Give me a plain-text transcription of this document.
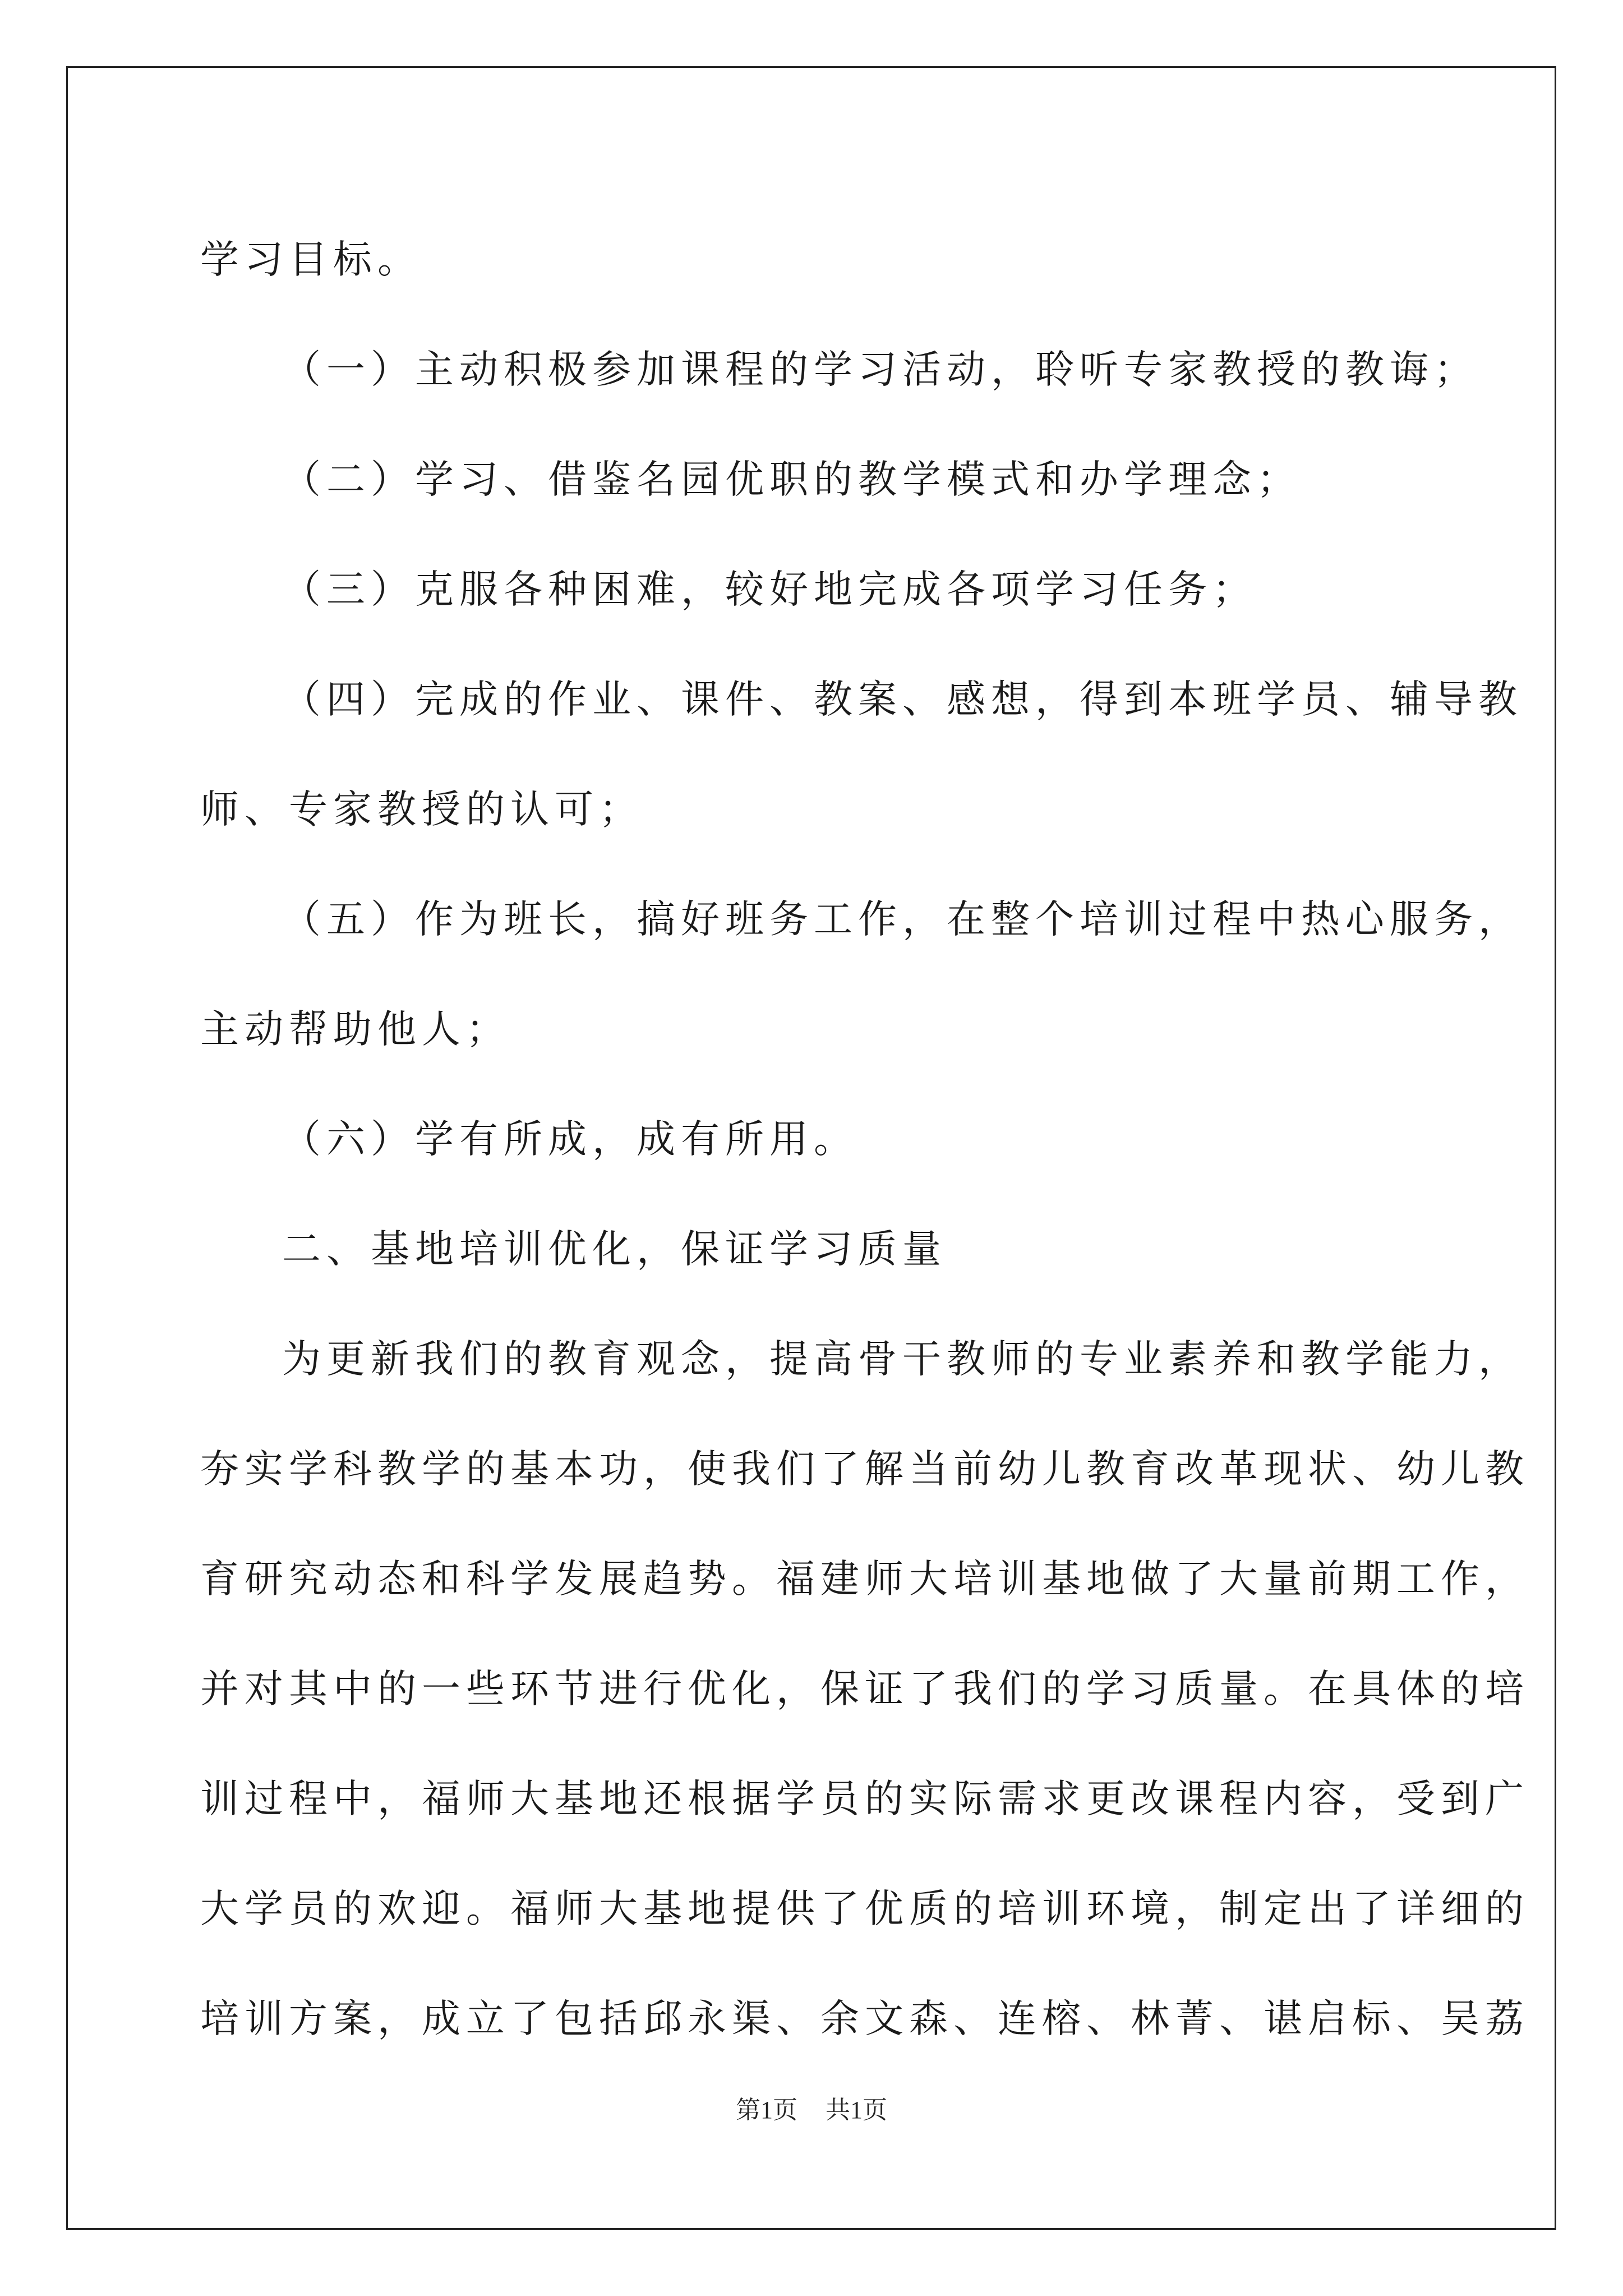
学习目标。
（一）主动积极参加课程的学习活动，聆听专家教授的教诲；
（二）学习、借鉴名园优职的教学模式和办学理念；
（三）克服各种困难，较好地完成各项学习任务；
（四）完成的作业、课件、教案、感想，得到本班学员、辅导教
师、专家教授的认可；
（五）作为班长，搞好班务工作，在整个培训过程中热心服务，
主动帮助他人；
（六）学有所成，成有所用。
二、基地培训优化，保证学习质量
为更新我们的教育观念，提高骨干教师的专业素养和教学能力，
夯实学科教学的基本功，使我们了解当前幼儿教育改革现状、幼儿教
育研究动态和科学发展趋势。福建师大培训基地做了大量前期工作，
并对其中的一些环节进行优化，保证了我们的学习质量。在具体的培
训过程中，福师大基地还根据学员的实际需求更改课程内容，受到广
大学员的欢迎。福师大基地提供了优质的培训环境，制定出了详细的
培训方案，成立了包括邱永渠、余文森、连榕、林菁、谌启标、吴荔
第1页 共1页
